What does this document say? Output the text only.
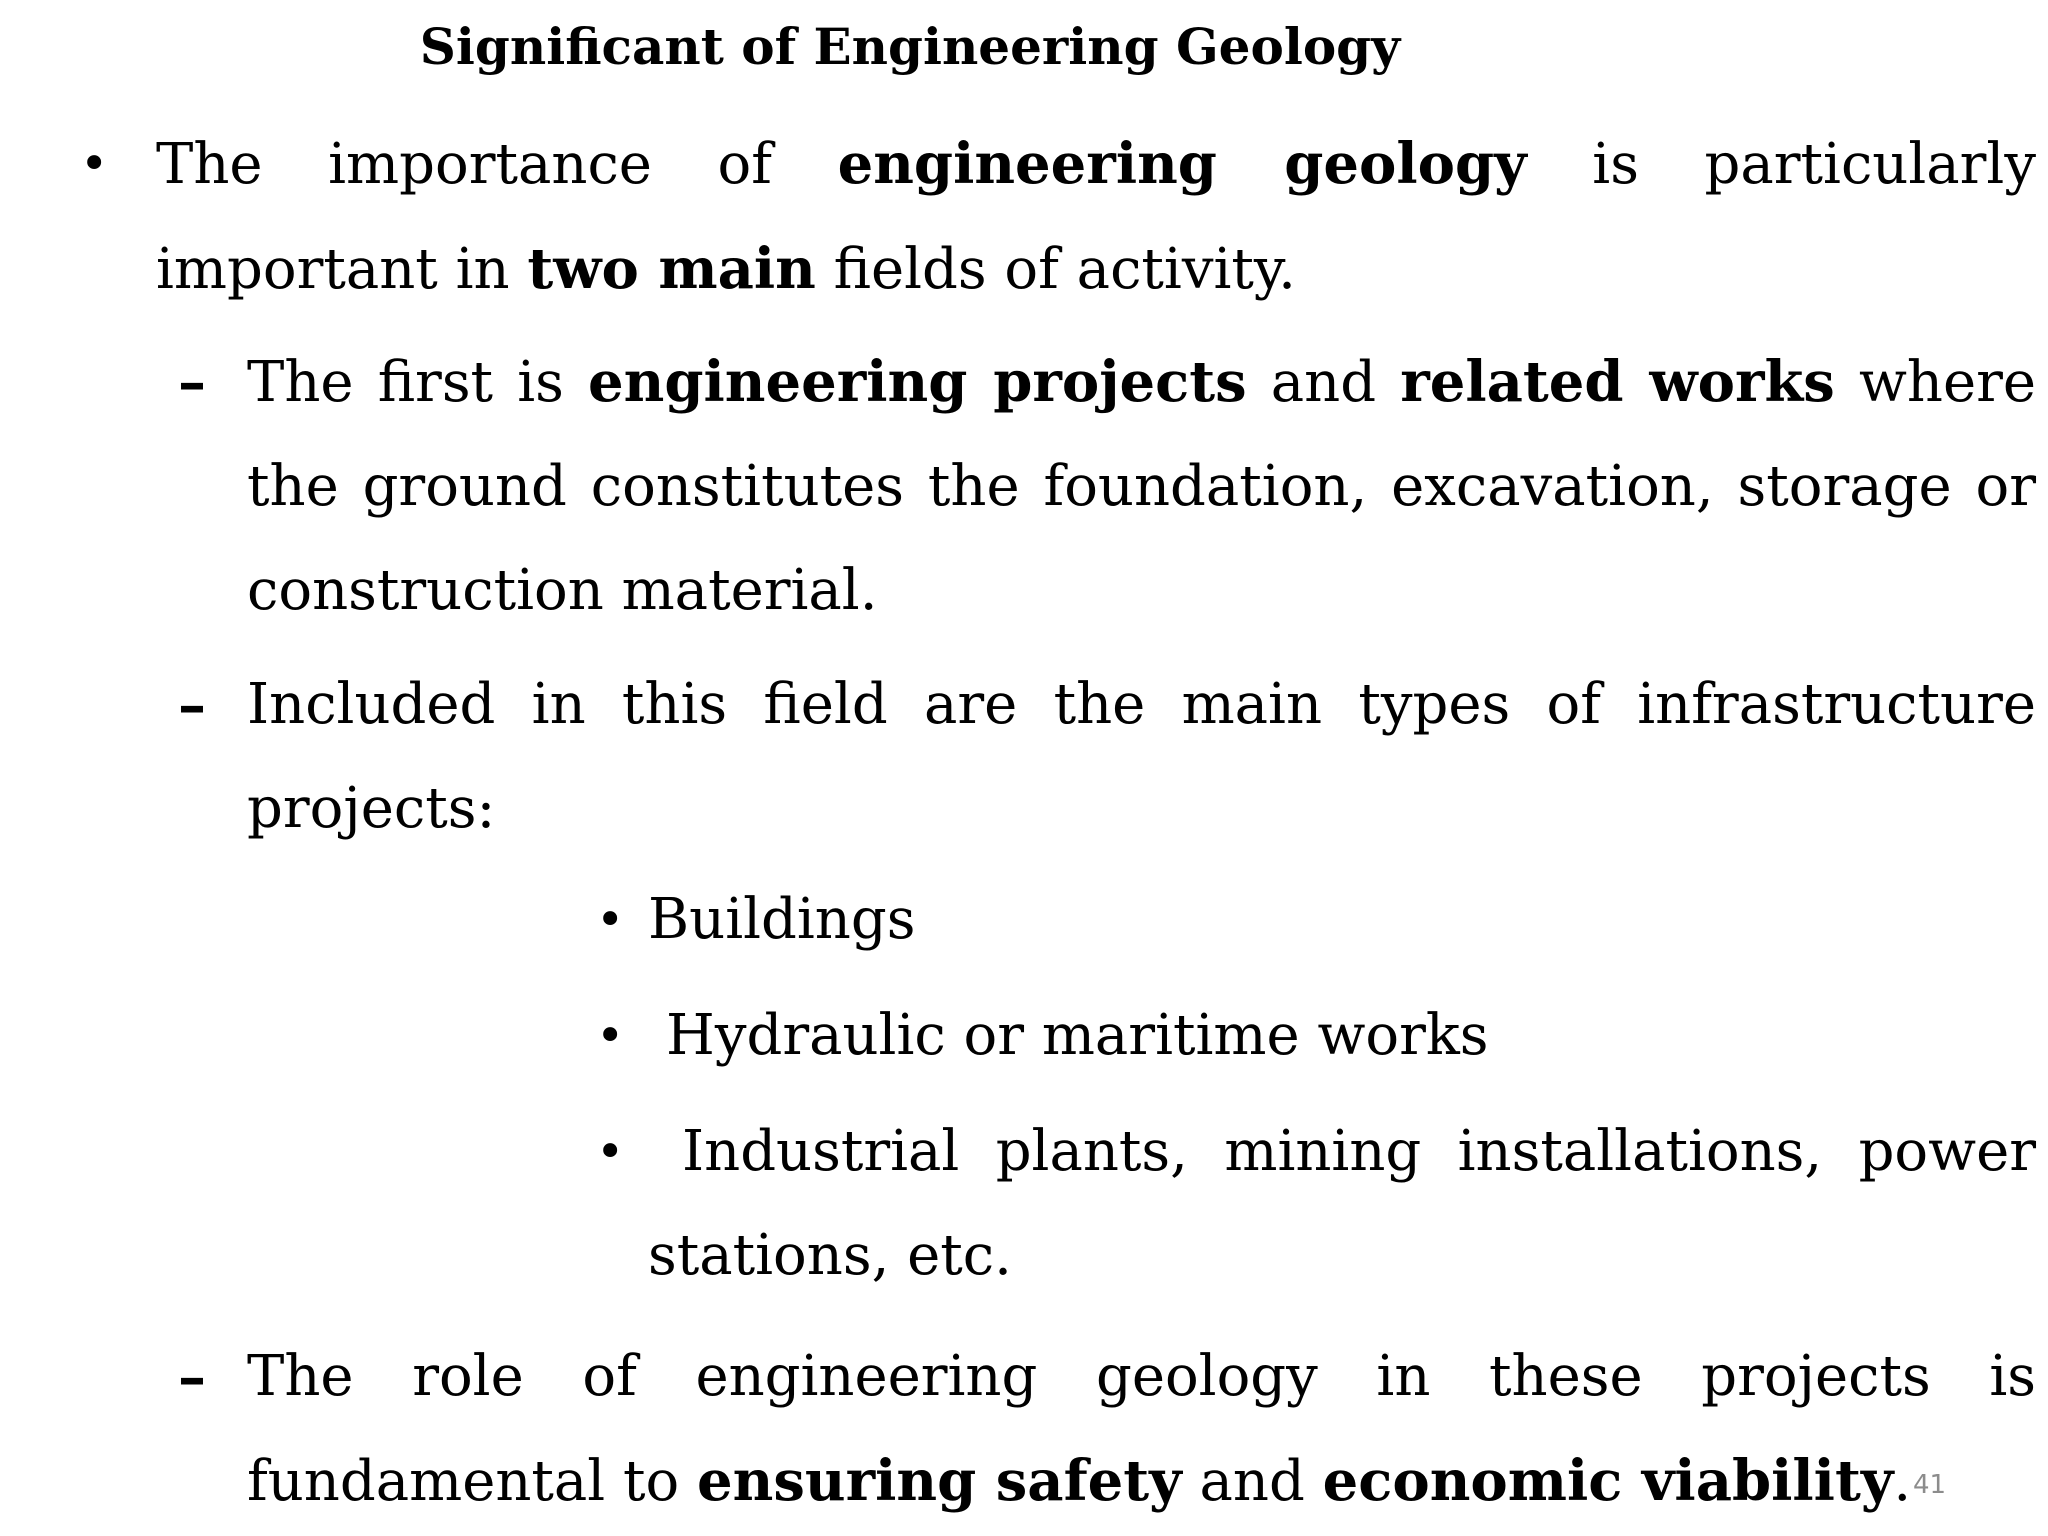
Significant of Engineering Geology
• The importance of engineering geology is particularly important in two main fields of activity.
– The first is engineering projects and related works where the ground constitutes the foundation, excavation, storage or construction material.
– Included in this field are the main types of infrastructure projects:
• Buildings
• Hydraulic or maritime works
•	Industrial plants, mining installations, power stations, etc.
– The role of engineering geology in these projects is fundamental to ensuring safety and economic viability. 41
